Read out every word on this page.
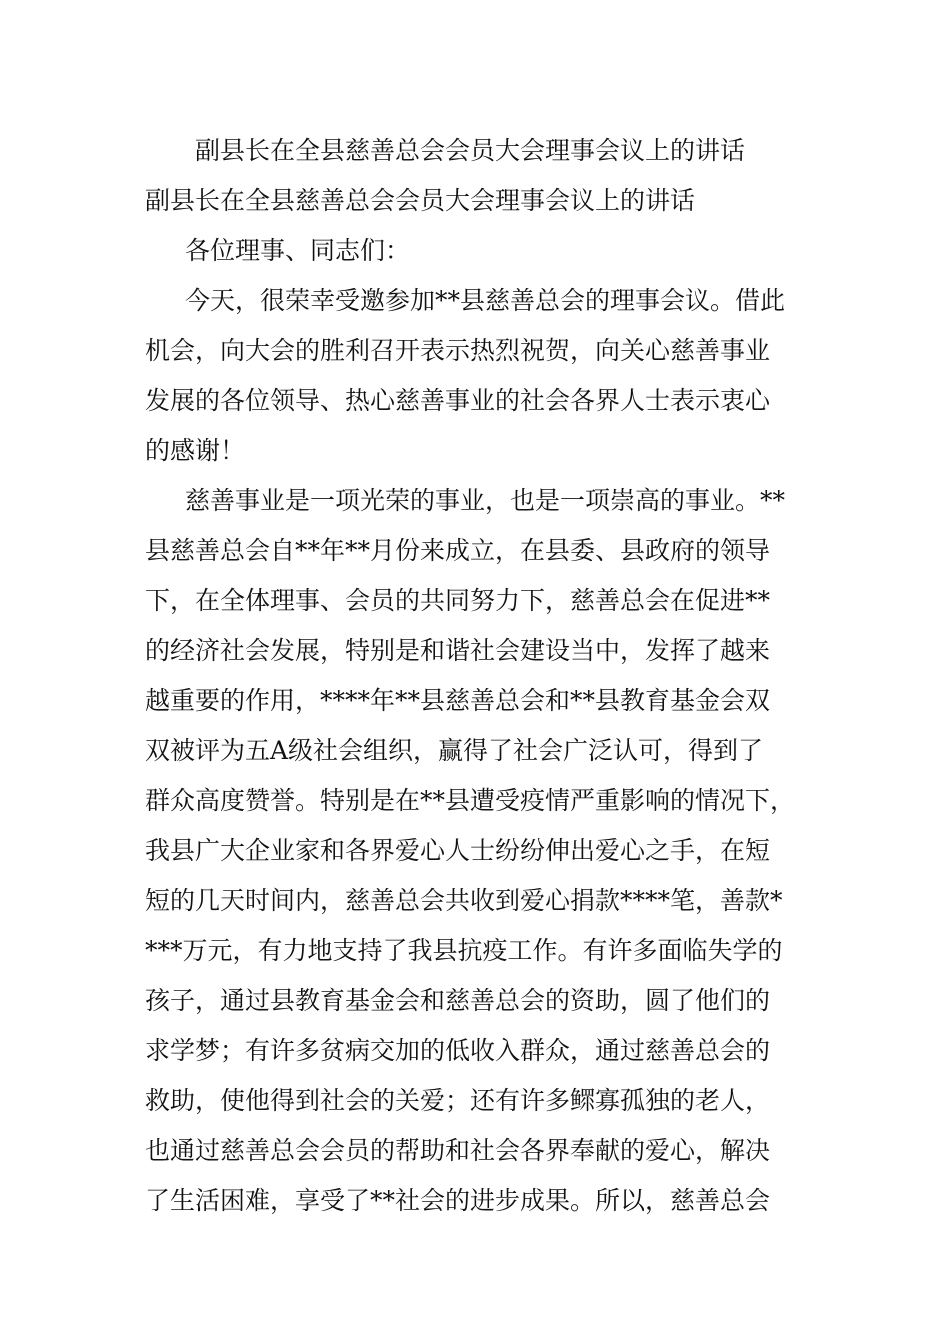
副县长在全县慈善总会会员大会理事会议上的讲话

副县长在全县慈善总会会员大会理事会议上的讲话

各位理事、同志们：

今天，很荣幸受邀参加**县慈善总会的理事会议。借此

机会，向大会的胜利召开表示热烈祝贺，向关心慈善事业

发展的各位领导、热心慈善事业的社会各界人士表示衷心

的感谢！

慈善事业是一项光荣的事业，也是一项崇高的事业。**

县慈善总会自**年**月份来成立，在县委、县政府的领导

下，在全体理事、会员的共同努力下，慈善总会在促进**

的经济社会发展，特别是和谐社会建设当中，发挥了越来

越重要的作用，****年**县慈善总会和**县教育基金会双

双被评为五A级社会组织，赢得了社会广泛认可，得到了

群众高度赞誉。特别是在**县遭受疫情严重影响的情况下，

我县广大企业家和各界爱心人士纷纷伸出爱心之手，在短

短的几天时间内，慈善总会共收到爱心捐款****笔，善款*

***万元，有力地支持了我县抗疫工作。有许多面临失学的

孩子，通过县教育基金会和慈善总会的资助，圆了他们的

求学梦；有许多贫病交加的低收入群众，通过慈善总会的

救助，使他得到社会的关爱；还有许多鳏寡孤独的老人，

也通过慈善总会会员的帮助和社会各界奉献的爱心，解决

了生活困难，享受了**社会的进步成果。所以，慈善总会
